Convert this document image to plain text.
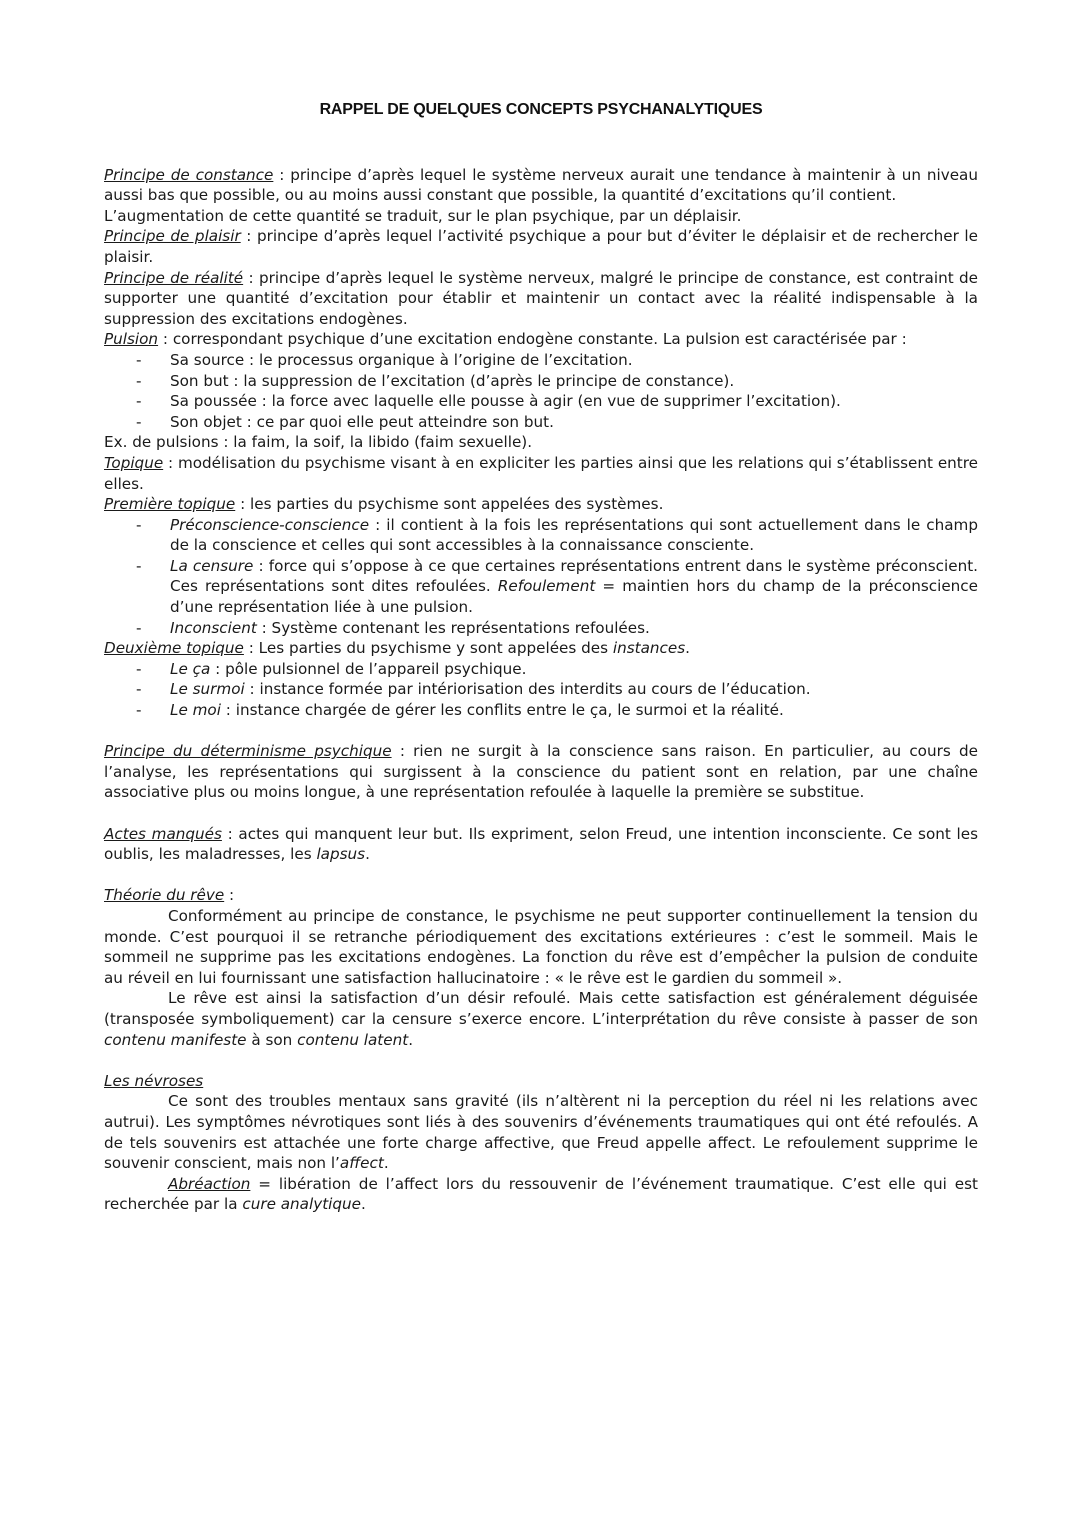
RAPPEL DE QUELQUES CONCEPTS PSYCHANALYTIQUES

Principe de constance : principe d’après lequel le système nerveux aurait une tendance à maintenir à un niveau aussi bas que possible, ou au moins aussi constant que possible, la quantité d’excitations qu’il contient.

L’augmentation de cette quantité se traduit, sur le plan psychique, par un déplaisir.

Principe de plaisir : principe d’après lequel l’activité psychique a pour but d’éviter le déplaisir et de rechercher le plaisir.

Principe de réalité : principe d’après lequel le système nerveux, malgré le principe de constance, est contraint de supporter une quantité d’excitation pour établir et maintenir un contact avec la réalité indispensable à la suppression des excitations endogènes.

Pulsion : correspondant psychique d’une excitation endogène constante. La pulsion est caractérisée par :

- Sa source : le processus organique à l’origine de l’excitation.
- Son but : la suppression de l’excitation (d’après le principe de constance).
- Sa poussée : la force avec laquelle elle pousse à agir (en vue de supprimer l’excitation).
- Son objet : ce par quoi elle peut atteindre son but.

Ex. de pulsions : la faim, la soif, la libido (faim sexuelle).

Topique : modélisation du psychisme visant à en expliciter les parties ainsi que les relations qui s’établissent entre elles.

Première topique : les parties du psychisme sont appelées des systèmes.

- Préconscience-conscience : il contient à la fois les représentations qui sont actuellement dans le champ de la conscience et celles qui sont accessibles à la connaissance consciente.
- La censure : force qui s’oppose à ce que certaines représentations entrent dans le système préconscient. Ces représentations sont dites refoulées. Refoulement = maintien hors du champ de la préconscience d’une représentation liée à une pulsion.
- Inconscient : Système contenant les représentations refoulées.

Deuxième topique : Les parties du psychisme y sont appelées des instances.

- Le ça : pôle pulsionnel de l’appareil psychique.
- Le surmoi : instance formée par intériorisation des interdits au cours de l’éducation.
- Le moi : instance chargée de gérer les conflits entre le ça, le surmoi et la réalité.

Principe du déterminisme psychique : rien ne surgit à la conscience sans raison. En particulier, au cours de l’analyse, les représentations qui surgissent à la conscience du patient sont en relation, par une chaîne associative plus ou moins longue, à une représentation refoulée à laquelle la première se substitue.

Actes manqués : actes qui manquent leur but. Ils expriment, selon Freud, une intention inconsciente. Ce sont les oublis, les maladresses, les lapsus.

Théorie du rêve :

Conformément au principe de constance, le psychisme ne peut supporter continuellement la tension du monde. C’est pourquoi il se retranche périodiquement des excitations extérieures : c’est le sommeil. Mais le sommeil ne supprime pas les excitations endogènes. La fonction du rêve est d’empêcher la pulsion de conduite au réveil en lui fournissant une satisfaction hallucinatoire : « le rêve est le gardien du sommeil ».

Le rêve est ainsi la satisfaction d’un désir refoulé. Mais cette satisfaction est généralement déguisée (transposée symboliquement) car la censure s’exerce encore. L’interprétation du rêve consiste à passer de son contenu manifeste à son contenu latent.

Les névroses

Ce sont des troubles mentaux sans gravité (ils n’altèrent ni la perception du réel ni les relations avec autrui). Les symptômes névrotiques sont liés à des souvenirs d’événements traumatiques qui ont été refoulés. A de tels souvenirs est attachée une forte charge affective, que Freud appelle affect. Le refoulement supprime le souvenir conscient, mais non l’affect.

Abréaction = libération de l’affect lors du ressouvenir de l’événement traumatique. C’est elle qui est recherchée par la cure analytique.
